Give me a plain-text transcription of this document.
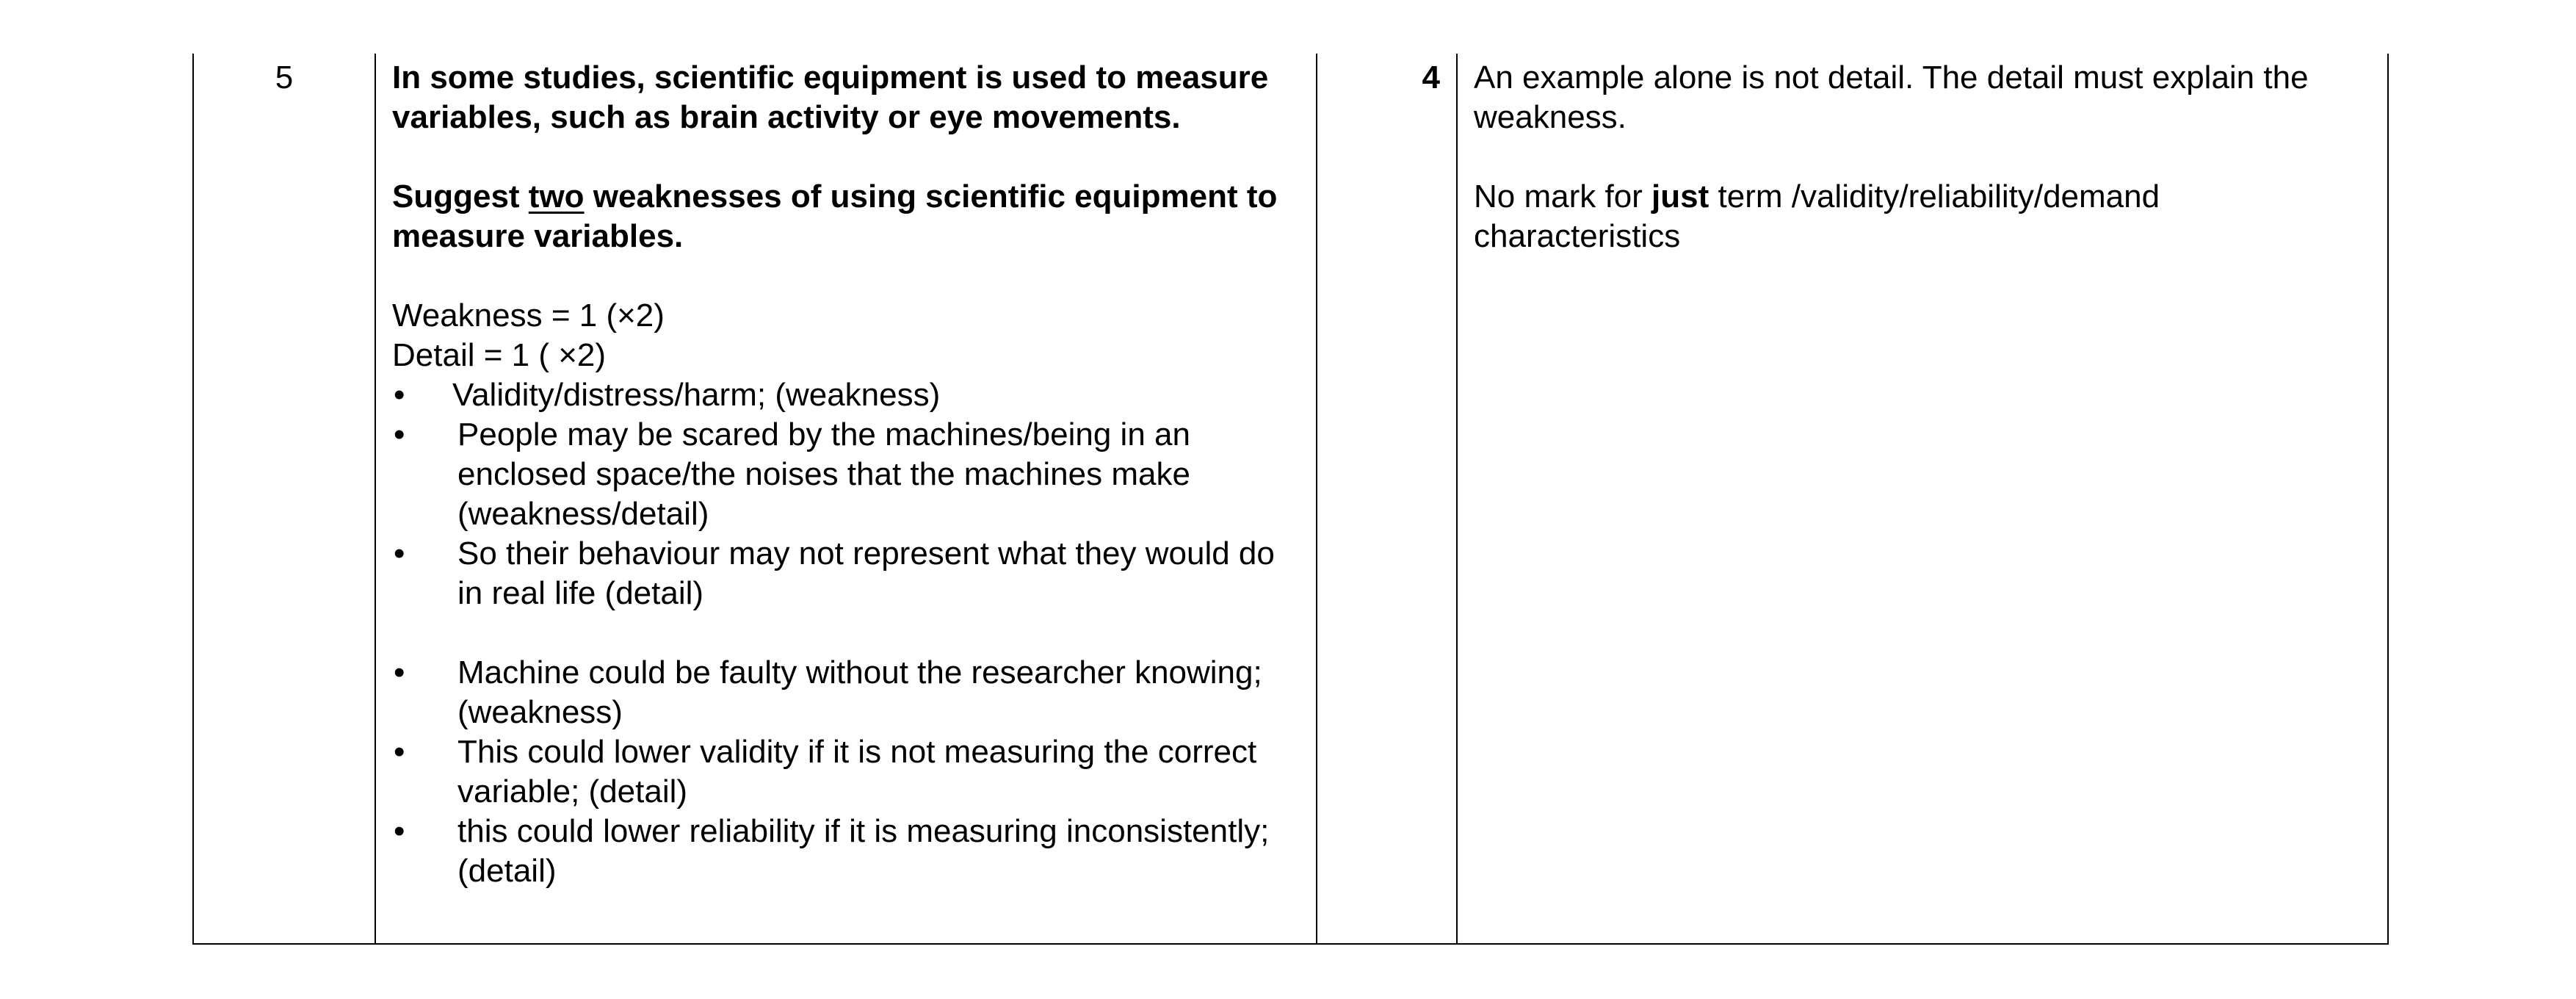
5	In some studies, scientific equipment is used to measure variables, such as brain activity or eye movements.

Suggest two weaknesses of using scientific equipment to measure variables.

Weakness = 1 (×2)

Detail = 1 ( ×2)

• Validity/distress/harm; (weakness)
• People may be scared by the machines/being in an enclosed space/the noises that the machines make (weakness/detail)
• So their behaviour may not represent what they would do in real life (detail)
• Machine could be faulty without the researcher knowing; (weakness)
• This could lower validity if it is not measuring the correct variable; (detail)
• this could lower reliability if it is measuring inconsistently; (detail)

4	An example alone is not detail. The detail must explain the weakness.

No mark for just term /validity/reliability/demand characteristics
